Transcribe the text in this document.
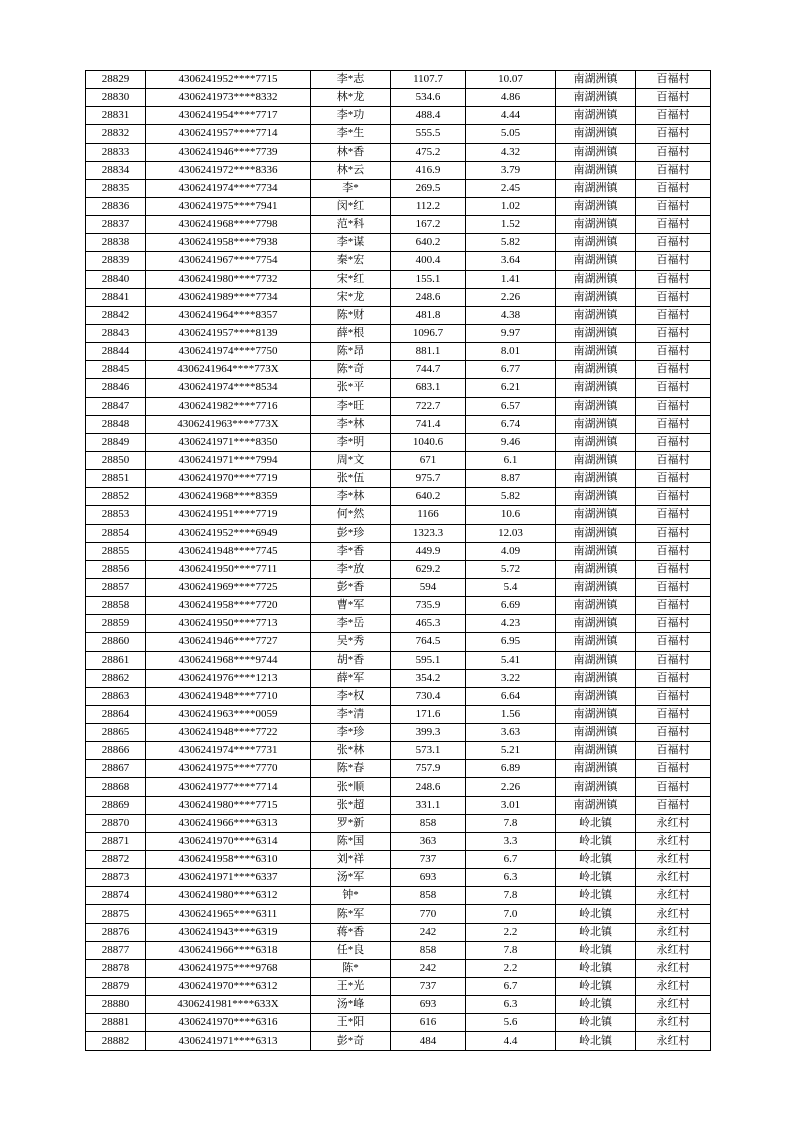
28829	4306241952****7715	李*志	1107.7	10.07	南湖洲镇	百福村
28830	4306241973****8332	林*龙	534.6	4.86	南湖洲镇	百福村
28831	4306241954****7717	李*功	488.4	4.44	南湖洲镇	百福村
28832	4306241957****7714	李*生	555.5	5.05	南湖洲镇	百福村
28833	4306241946****7739	林*香	475.2	4.32	南湖洲镇	百福村
28834	4306241972****8336	林*云	416.9	3.79	南湖洲镇	百福村
28835	4306241974****7734	李*	269.5	2.45	南湖洲镇	百福村
28836	4306241975****7941	闵*红	112.2	1.02	南湖洲镇	百福村
28837	4306241968****7798	范*科	167.2	1.52	南湖洲镇	百福村
28838	4306241958****7938	李*谋	640.2	5.82	南湖洲镇	百福村
28839	4306241967****7754	秦*宏	400.4	3.64	南湖洲镇	百福村
28840	4306241980****7732	宋*红	155.1	1.41	南湖洲镇	百福村
28841	4306241989****7734	宋*龙	248.6	2.26	南湖洲镇	百福村
28842	4306241964****8357	陈*财	481.8	4.38	南湖洲镇	百福村
28843	4306241957****8139	薛*根	1096.7	9.97	南湖洲镇	百福村
28844	4306241974****7750	陈*昂	881.1	8.01	南湖洲镇	百福村
28845	4306241964****773X	陈*奇	744.7	6.77	南湖洲镇	百福村
28846	4306241974****8534	张*平	683.1	6.21	南湖洲镇	百福村
28847	4306241982****7716	李*旺	722.7	6.57	南湖洲镇	百福村
28848	4306241963****773X	李*林	741.4	6.74	南湖洲镇	百福村
28849	4306241971****8350	李*明	1040.6	9.46	南湖洲镇	百福村
28850	4306241971****7994	周*文	671	6.1	南湖洲镇	百福村
28851	4306241970****7719	张*伍	975.7	8.87	南湖洲镇	百福村
28852	4306241968****8359	李*林	640.2	5.82	南湖洲镇	百福村
28853	4306241951****7719	何*然	1166	10.6	南湖洲镇	百福村
28854	4306241952****6949	彭*珍	1323.3	12.03	南湖洲镇	百福村
28855	4306241948****7745	李*香	449.9	4.09	南湖洲镇	百福村
28856	4306241950****7711	李*放	629.2	5.72	南湖洲镇	百福村
28857	4306241969****7725	彭*香	594	5.4	南湖洲镇	百福村
28858	4306241958****7720	曹*军	735.9	6.69	南湖洲镇	百福村
28859	4306241950****7713	李*岳	465.3	4.23	南湖洲镇	百福村
28860	4306241946****7727	吴*秀	764.5	6.95	南湖洲镇	百福村
28861	4306241968****9744	胡*香	595.1	5.41	南湖洲镇	百福村
28862	4306241976****1213	薛*军	354.2	3.22	南湖洲镇	百福村
28863	4306241948****7710	李*权	730.4	6.64	南湖洲镇	百福村
28864	4306241963****0059	李*清	171.6	1.56	南湖洲镇	百福村
28865	4306241948****7722	李*珍	399.3	3.63	南湖洲镇	百福村
28866	4306241974****7731	张*林	573.1	5.21	南湖洲镇	百福村
28867	4306241975****7770	陈*春	757.9	6.89	南湖洲镇	百福村
28868	4306241977****7714	张*顺	248.6	2.26	南湖洲镇	百福村
28869	4306241980****7715	张*超	331.1	3.01	南湖洲镇	百福村
28870	4306241966****6313	罗*新	858	7.8	岭北镇	永红村
28871	4306241970****6314	陈*国	363	3.3	岭北镇	永红村
28872	4306241958****6310	刘*祥	737	6.7	岭北镇	永红村
28873	4306241971****6337	汤*军	693	6.3	岭北镇	永红村
28874	4306241980****6312	钟*	858	7.8	岭北镇	永红村
28875	4306241965****6311	陈*军	770	7.0	岭北镇	永红村
28876	4306241943****6319	蒋*香	242	2.2	岭北镇	永红村
28877	4306241966****6318	任*良	858	7.8	岭北镇	永红村
28878	4306241975****9768	陈*	242	2.2	岭北镇	永红村
28879	4306241970****6312	王*光	737	6.7	岭北镇	永红村
28880	4306241981****633X	汤*峰	693	6.3	岭北镇	永红村
28881	4306241970****6316	王*阳	616	5.6	岭北镇	永红村
28882	4306241971****6313	彭*奇	484	4.4	岭北镇	永红村
